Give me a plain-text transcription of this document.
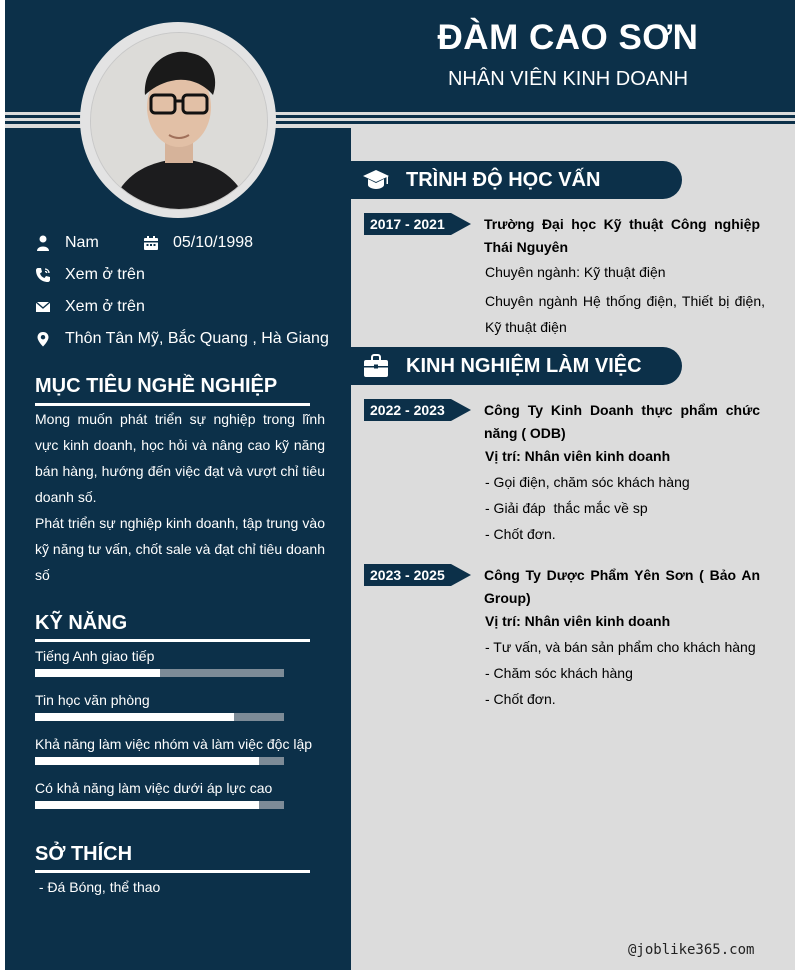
ĐÀM CAO SƠN
NHÂN VIÊN KINH DOANH
Nam	05/10/1998
Xem ở trên
Xem ở trên
Thôn Tân Mỹ, Bắc Quang , Hà Giang
MỤC TIÊU NGHỀ NGHIỆP

Mong muốn phát triển sự nghiệp trong lĩnh vực kinh doanh, học hỏi và nâng cao kỹ năng bán hàng, hướng đến việc đạt và vượt chỉ tiêu doanh số.

Phát triển sự nghiệp kinh doanh, tập trung vào kỹ năng tư vấn, chốt sale và đạt chỉ tiêu doanh số

KỸ NĂNG
Tiếng Anh giao tiếp
Tin học văn phòng
Khả năng làm việc nhóm và làm việc độc lập
Có khả năng làm việc dưới áp lực cao
SỞ THÍCH
- Đá Bóng, thể thao
TRÌNH ĐỘ HỌC VẤN
2017 - 2021	Trường Đại học Kỹ thuật Công nghiệp Thái Nguyên
Chuyên ngành: Kỹ thuật điện
Chuyên ngành Hệ thống điện, Thiết bị điện, Kỹ thuật điện
KINH NGHIỆM LÀM VIỆC
2022 - 2023	Công Ty Kinh Doanh thực phẩm chức năng ( ODB)
Vị trí: Nhân viên kinh doanh
- Gọi điện, chăm sóc khách hàng
- Giải đáp  thắc mắc về sp
- Chốt đơn.
2023 - 2025	Công Ty Dược Phẩm Yên Sơn ( Bảo An Group)
Vị trí: Nhân viên kinh doanh
- Tư vấn, và bán sản phẩm cho khách hàng
- Chăm sóc khách hàng
- Chốt đơn.
@joblike365.com
